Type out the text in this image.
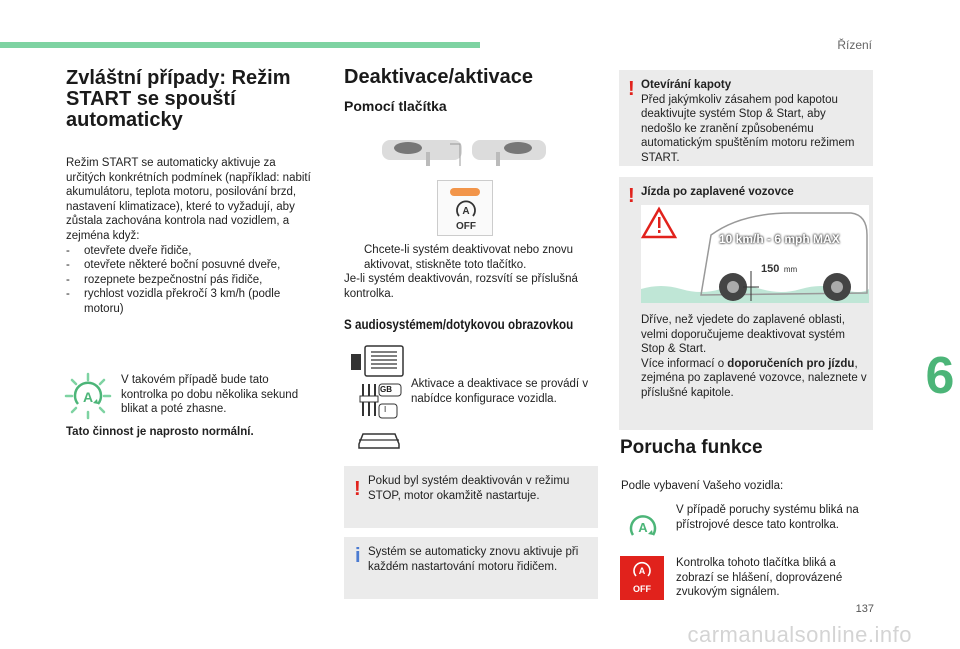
Řízení
6
137
carmanualsonline.info
Zvláštní případy: Režim START se spouští automaticky

Režim START se automaticky aktivuje za určitých konkrétních podmínek (například: nabití akumulátoru, teplota motoru, posilování brzd, nastavení klimatizace), které to vyžadují, aby zůstala zachována kontrola nad vozidlem, a zejména když:

- otevřete dveře řidiče,
- otevřete některé boční posuvné dveře,
- rozepnete bezpečnostní pás řidiče,
- rychlost vozidla překročí 3 km/h (podle motoru)
A
V takovém případě bude tato kontrolka po dobu několika sekund blikat a poté zhasne.
Tato činnost je naprosto normální.
Deaktivace/aktivace
Pomocí tlačítka
A
OFF

Chcete-li systém deaktivovat nebo znovu aktivovat, stiskněte toto tlačítko.

Je-li systém deaktivován, rozsvítí se příslušná kontrolka.

S audiosystémem/dotykovou obrazovkou
GB
I
Aktivace a deaktivace se provádí v nabídce konfigurace vozidla.
! Pokud byl systém deaktivován v režimu STOP, motor okamžitě nastartuje.
i Systém se automaticky znovu aktivuje při každém nastartování motoru řidičem.
! Otevírání kapoty
Před jakýmkoliv zásahem pod kapotou deaktivujte systém Stop & Start, aby nedošlo ke zranění způsobenému automatickým spuštěním motoru režimem START.
! Jízda po zaplavené vozovce
10 km/h - 6 mph MAX
150 mm

Dříve, než vjedete do zaplavené oblasti, velmi doporučujeme deaktivovat systém Stop & Start.

Více informací o doporučeních pro jízdu, zejména po zaplavené vozovce, naleznete v příslušné kapitole.

Porucha funkce
Podle vybavení Vašeho vozidla:
A
V případě poruchy systému bliká na přístrojové desce tato kontrolka.
A
OFF
Kontrolka tohoto tlačítka bliká a zobrazí se hlášení, doprovázené zvukovým signálem.
